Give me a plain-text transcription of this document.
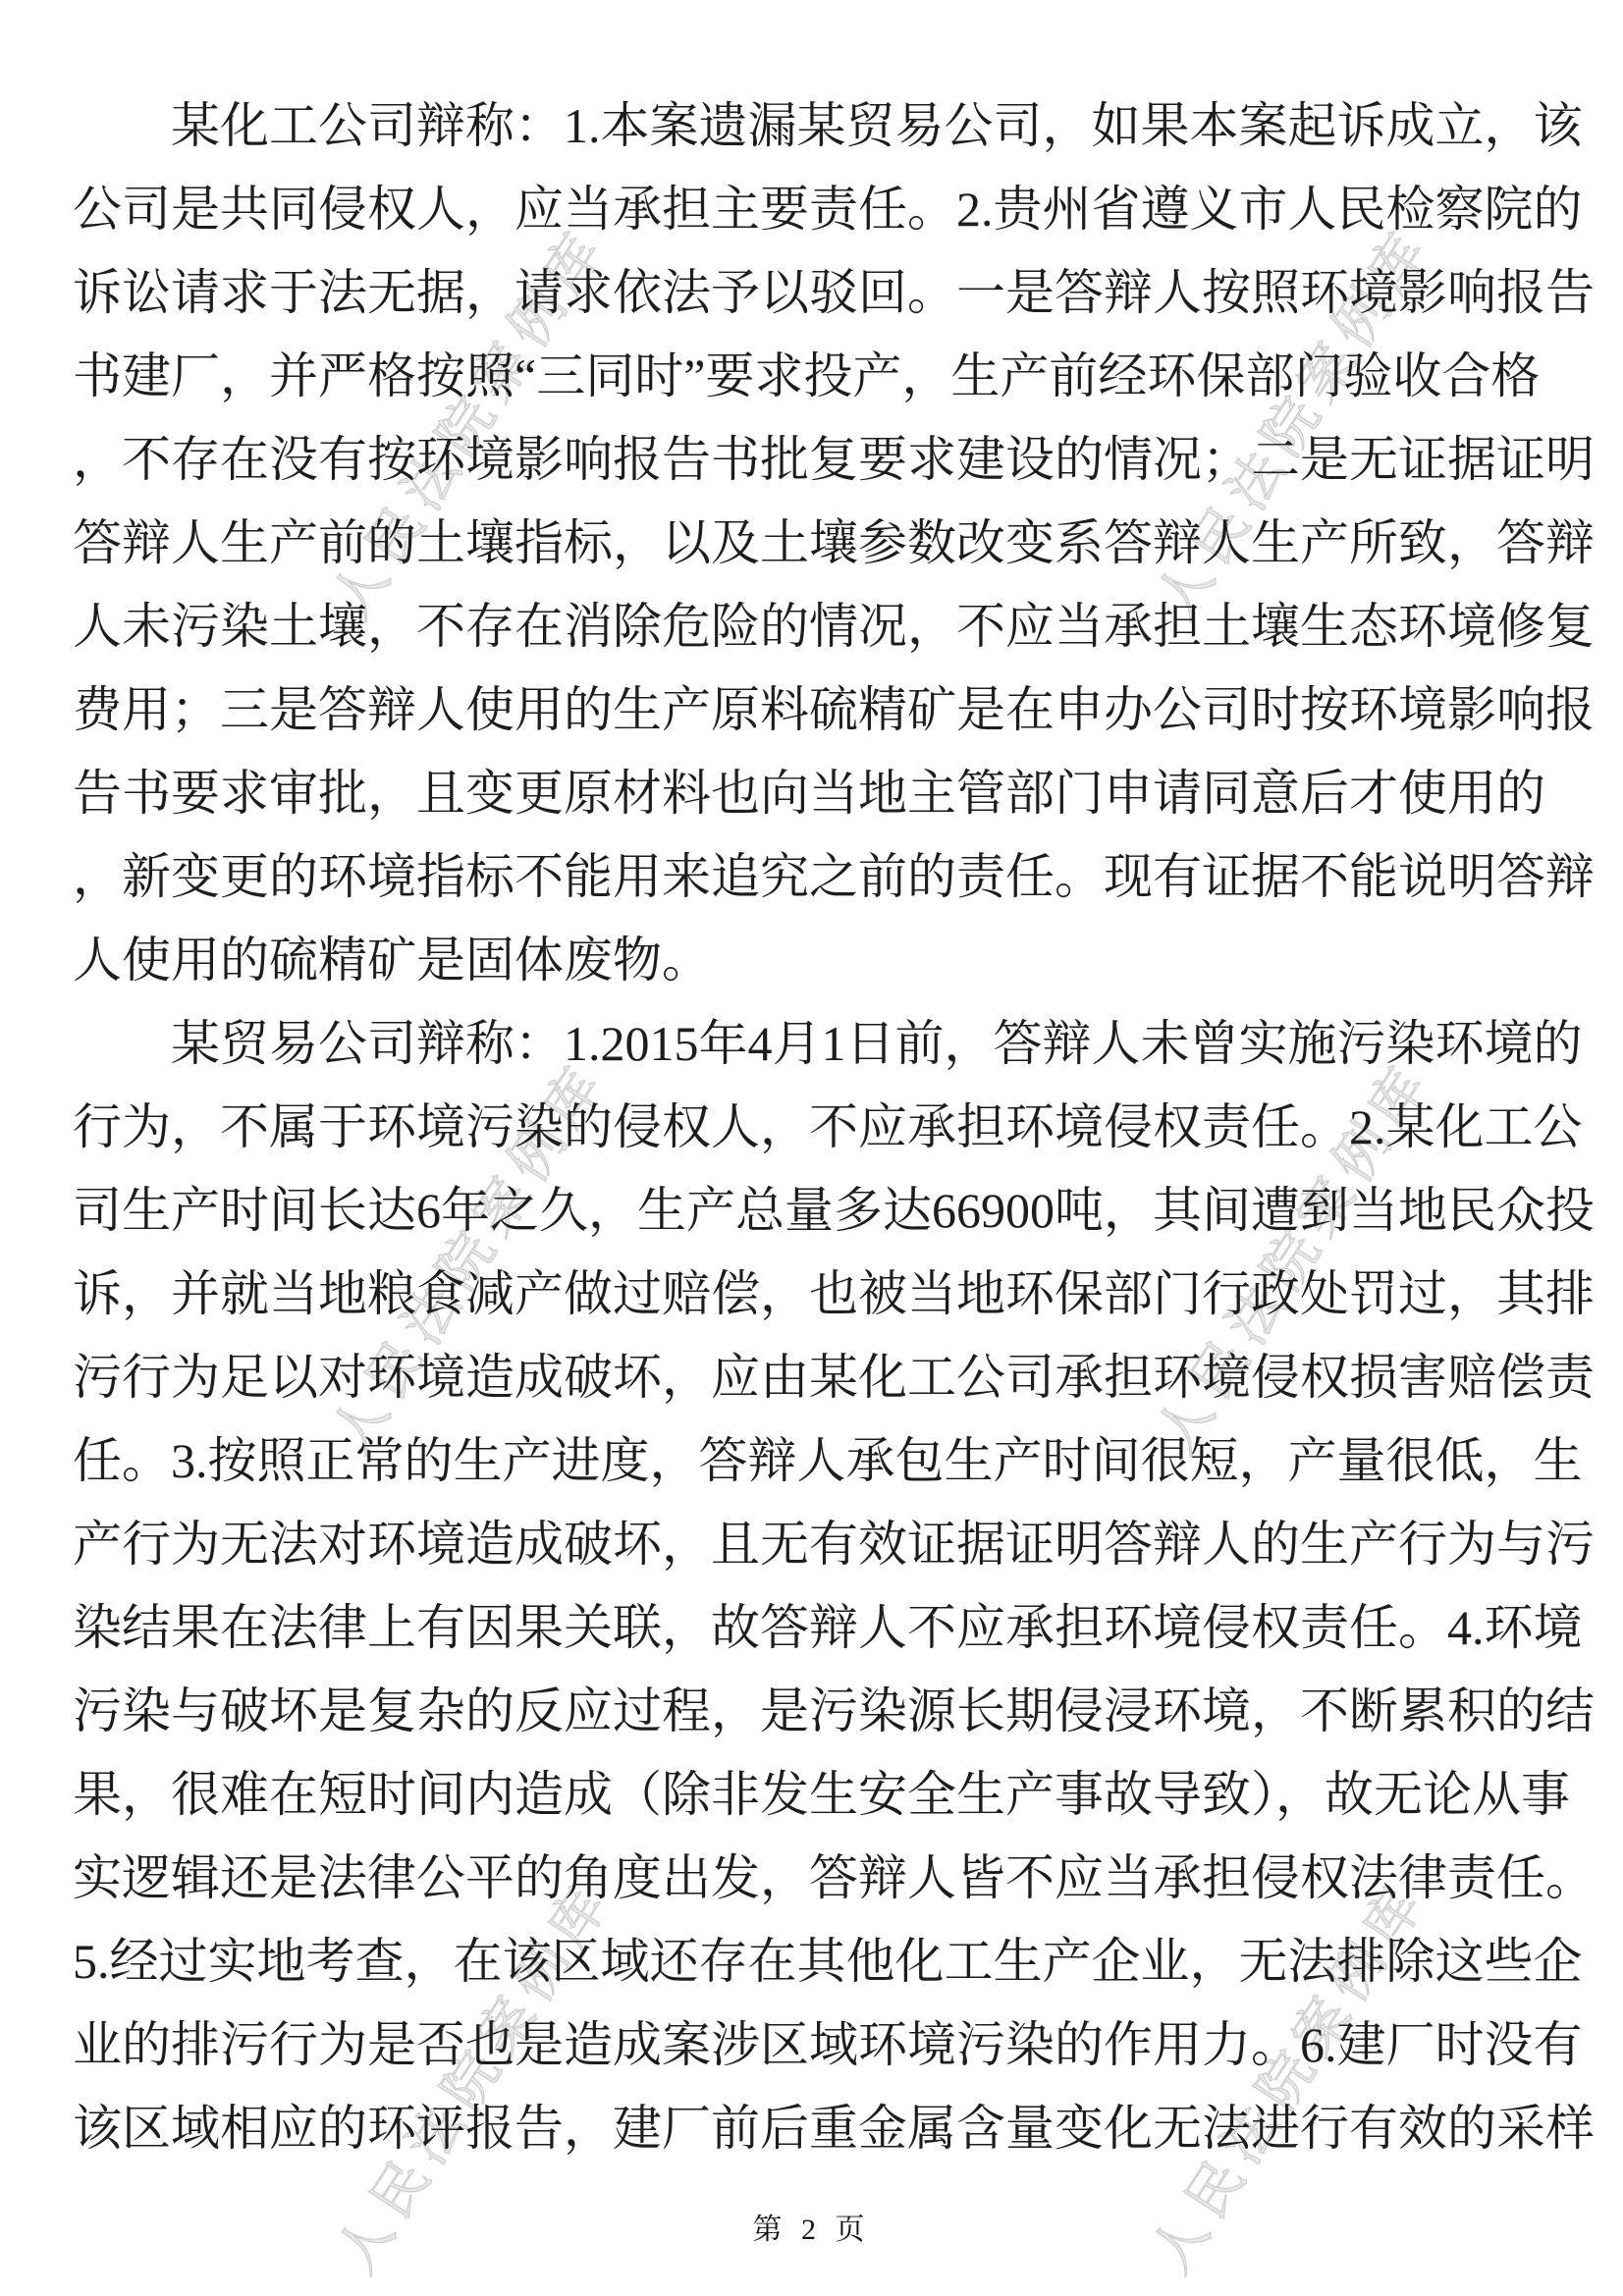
人民法院案例库	人民法院案例库
人民法院案例库	人民法院案例库
人民法院案例库	人民法院案例库
某化工公司辩称：1.本案遗漏某贸易公司，如果本案起诉成立，该
公司是共同侵权人，应当承担主要责任。2.贵州省遵义市人民检察院的
诉讼请求于法无据，请求依法予以驳回。一是答辩人按照环境影响报告
书建厂，并严格按照“三同时”要求投产，生产前经环保部门验收合格
，不存在没有按环境影响报告书批复要求建设的情况；二是无证据证明
答辩人生产前的土壤指标，以及土壤参数改变系答辩人生产所致，答辩
人未污染土壤，不存在消除危险的情况，不应当承担土壤生态环境修复
费用；三是答辩人使用的生产原料硫精矿是在申办公司时按环境影响报
告书要求审批，且变更原材料也向当地主管部门申请同意后才使用的
，新变更的环境指标不能用来追究之前的责任。现有证据不能说明答辩
人使用的硫精矿是固体废物。
某贸易公司辩称：1.2015年4月1日前，答辩人未曾实施污染环境的
行为，不属于环境污染的侵权人，不应承担环境侵权责任。2.某化工公
司生产时间长达6年之久，生产总量多达66900吨，其间遭到当地民众投
诉，并就当地粮食减产做过赔偿，也被当地环保部门行政处罚过，其排
污行为足以对环境造成破坏，应由某化工公司承担环境侵权损害赔偿责
任。3.按照正常的生产进度，答辩人承包生产时间很短，产量很低，生
产行为无法对环境造成破坏，且无有效证据证明答辩人的生产行为与污
染结果在法律上有因果关联，故答辩人不应承担环境侵权责任。4.环境
污染与破坏是复杂的反应过程，是污染源长期侵浸环境，不断累积的结
果，很难在短时间内造成（除非发生安全生产事故导致），故无论从事
实逻辑还是法律公平的角度出发，答辩人皆不应当承担侵权法律责任。
5.经过实地考查，在该区域还存在其他化工生产企业，无法排除这些企
业的排污行为是否也是造成案涉区域环境污染的作用力。6.建厂时没有
该区域相应的环评报告，建厂前后重金属含量变化无法进行有效的采样
第 2 页
